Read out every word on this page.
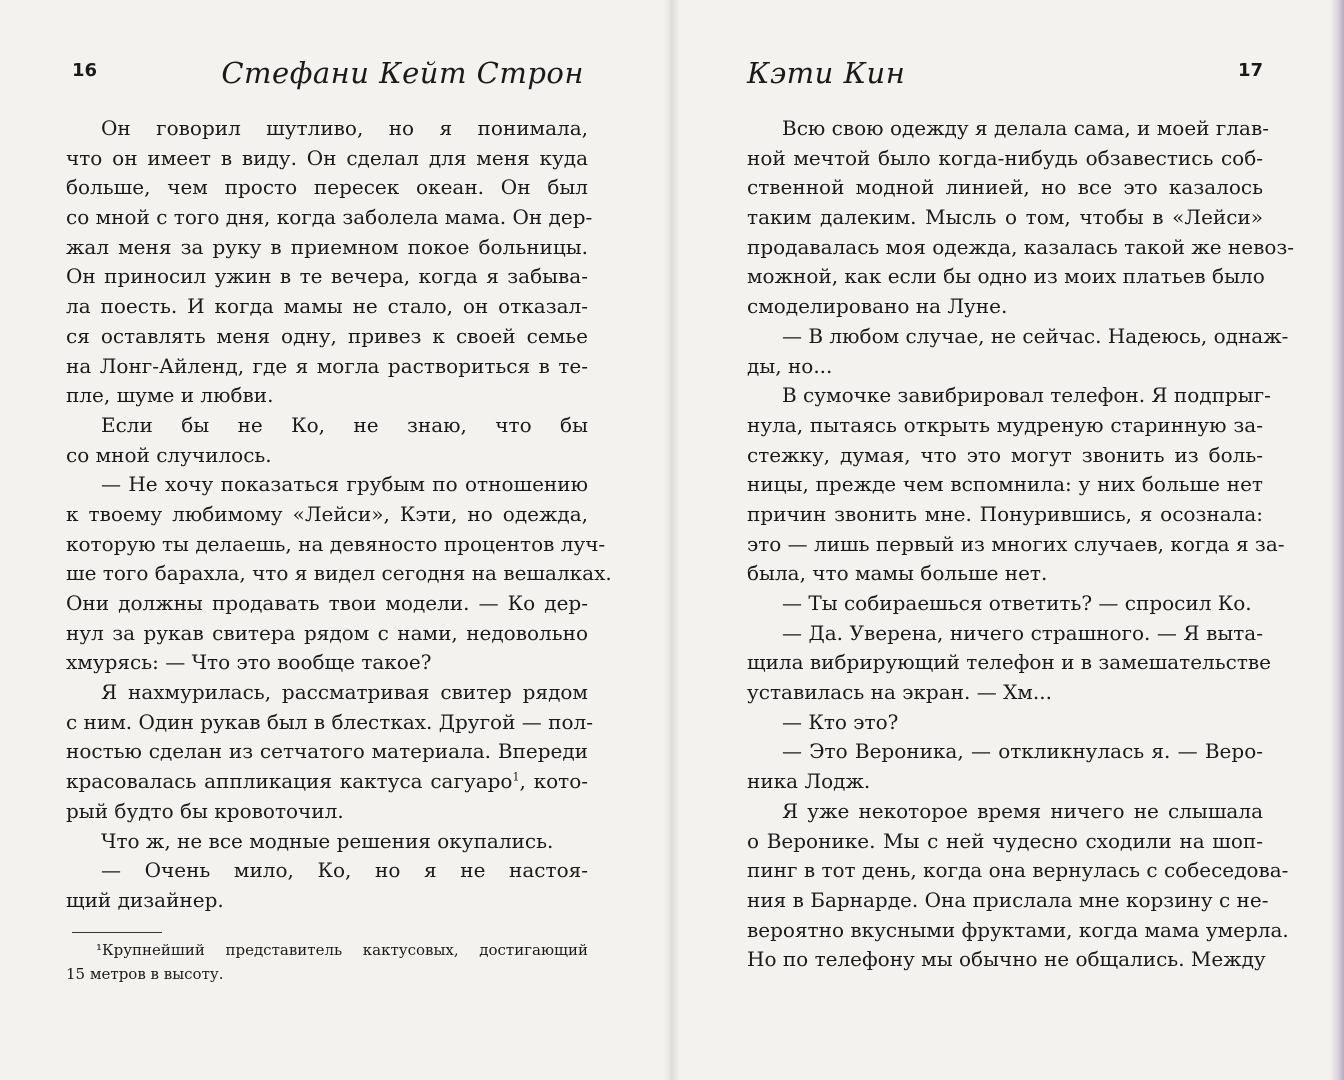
16	Стефани Кейт Строн
Он говорил шутливо, но я понимала,
что он имеет в виду. Он сделал для меня куда
больше, чем просто пересек океан. Он был
со мной с того дня, когда заболела мама. Он дер-
жал меня за руку в приемном покое больницы.
Он приносил ужин в те вечера, когда я забыва-
ла поесть. И когда мамы не стало, он отказал-
ся оставлять меня одну, привез к своей семье
на Лонг-Айленд, где я могла раствориться в те-
пле, шуме и любви.
Если бы не Ко, не знаю, что бы
со мной случилось.
— Не хочу показаться грубым по отношению
к твоему любимому «Лейси», Кэти, но одежда,
которую ты делаешь, на девяносто процентов луч-
ше того барахла, что я видел сегодня на вешалках.
Они должны продавать твои модели. — Ко дер-
нул за рукав свитера рядом с нами, недовольно
хмурясь: — Что это вообще такое?
Я нахмурилась, рассматривая свитер рядом
с ним. Один рукав был в блестках. Другой — пол-
ностью сделан из сетчатого материала. Впереди
красовалась аппликация кактуса сагуаро$^1$, кото-
рый будто бы кровоточил.
Что ж, не все модные решения окупались.
— Очень мило, Ко, но я не настоя-
щий дизайнер.
¹Крупнейший представитель кактусовых, достигающий
15 метров в высоту.
Кэти Кин	17
Всю свою одежду я делала сама, и моей глав-
ной мечтой было когда-нибудь обзавестись соб-
ственной модной линией, но все это казалось
таким далеким. Мысль о том, чтобы в «Лейси»
продавалась моя одежда, казалась такой же невоз-
можной, как если бы одно из моих платьев было
смоделировано на Луне.
— В любом случае, не сейчас. Надеюсь, однаж-
ды, но...
В сумочке завибрировал телефон. Я подпрыг-
нула, пытаясь открыть мудреную старинную за-
стежку, думая, что это могут звонить из боль-
ницы, прежде чем вспомнила: у них больше нет
причин звонить мне. Понурившись, я осознала:
это — лишь первый из многих случаев, когда я за-
была, что мамы больше нет.
— Ты собираешься ответить? — спросил Ко.
— Да. Уверена, ничего страшного. — Я выта-
щила вибрирующий телефон и в замешательстве
уставилась на экран. — Хм...
— Кто это?
— Это Вероника, — откликнулась я. — Веро-
ника Лодж.
Я уже некоторое время ничего не слышала
о Веронике. Мы с ней чудесно сходили на шоп-
пинг в тот день, когда она вернулась с собеседова-
ния в Барнарде. Она прислала мне корзину с не-
вероятно вкусными фруктами, когда мама умерла.
Но по телефону мы обычно не общались. Между
